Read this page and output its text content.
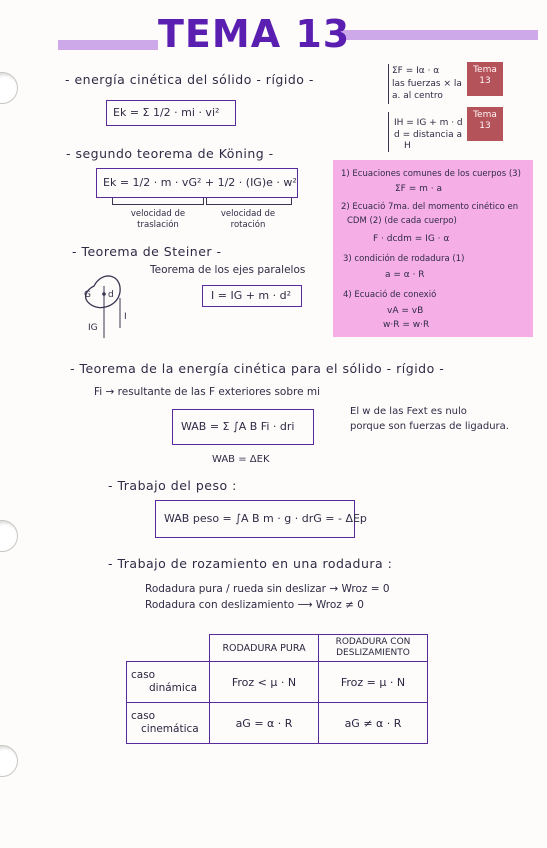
TEMA 13
- energía cinética del sólido - rígido -
Ek = Σ 1/2 · mi · vi²
ΣF = Iα · α
las fuerzas × la
a. al centro
Tema 13
IH = IG + m · d
d = distancia a
H
Tema 13
- segundo teorema de Köning -
Ek = 1/2 · m · vG² + 1/2 · (IG)e · w²
velocidad de traslación
velocidad de rotación
1) Ecuaciones comunes de los cuerpos (3)
ΣF = m · a
2) Ecuació 7ma. del momento cinético en
CDM (2) (de cada cuerpo)
F · dcdm = IG · α
3) condición de rodadura (1)
a = α · R
4) Ecuació de conexió
vA = vB
w·R = w·R
- Teorema de Steiner -
Teorema de los ejes paralelos
G d
I
IG
I = IG + m · d²
- Teorema de la energía cinética para el sólido - rígido -
Fi → resultante de las F exteriores sobre mi
WAB = Σ ∫A B Fi · dri
El w de las Fext es nulo
porque son fuerzas de ligadura.
WAB = ΔEK
- Trabajo del peso :
WAB peso = ∫A B m · g · drG = - ΔEp
- Trabajo de rozamiento en una rodadura :
Rodadura pura / rueda sin deslizar → Wroz = 0
Rodadura con deslizamiento ⟶ Wroz ≠ 0
	RODADURA PURA	RODADURA CON DESLIZAMIENTO
caso
dinámica	Froz < μ · N	Froz = μ · N
caso
cinemática	aG = α · R	aG ≠ α · R
